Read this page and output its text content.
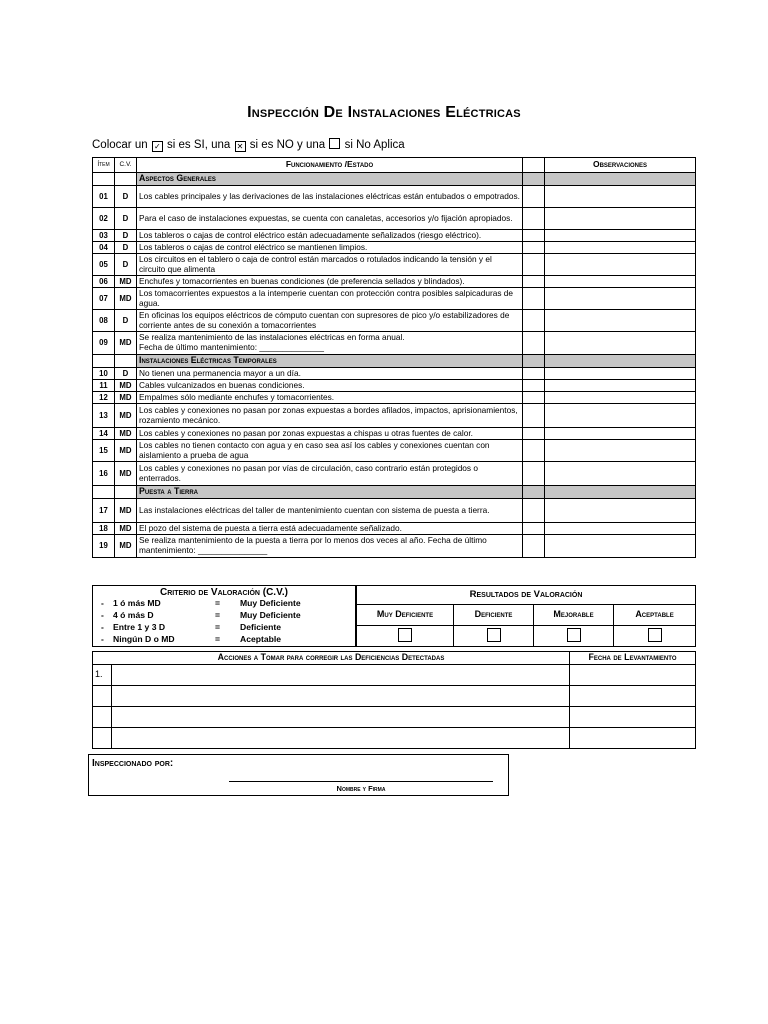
Inspección De Instalaciones Eléctricas
Colocar un ✓ si es SI, una ✕ si es NO y una si No Aplica
Ítem	C.V.	Funcionamiento /Estado		Observaciones
		Aspectos Generales		
01	D	Los cables principales y las derivaciones de las instalaciones eléctricas están entubados o empotrados.		
02	D	Para el caso de instalaciones expuestas, se cuenta con canaletas, accesorios y/o fijación apropiados.		
03	D	Los tableros o cajas de control eléctrico están adecuadamente señalizados (riesgo eléctrico).		
04	D	Los tableros o cajas de control eléctrico se mantienen limpios.		
05	D	Los circuitos en el tablero o caja de control están marcados o rotulados indicando la tensión y el circuito que alimenta		
06	MD	Enchufes y tomacorrientes en buenas condiciones (de preferencia sellados y blindados).		
07	MD	Los tomacorrientes expuestos a la intemperie cuentan con protección contra posibles salpicaduras de agua.		
08	D	En oficinas los equipos eléctricos de cómputo cuentan con supresores de pico y/o estabilizadores de corriente antes de su conexión a tomacorrientes		
09	MD	Se realiza mantenimiento de las instalaciones eléctricas en forma anual.
Fecha de último mantenimiento: ______________		
		Instalaciones Eléctricas Temporales		
10	D	No tienen una permanencia mayor a un día.		
11	MD	Cables vulcanizados en buenas condiciones.		
12	MD	Empalmes sólo mediante enchufes y tomacorrientes.		
13	MD	Los cables y conexiones no pasan por zonas expuestas a bordes afilados, impactos, aprisionamientos, rozamiento mecánico.		
14	MD	Los cables y conexiones no pasan por zonas expuestas a chispas u otras fuentes de calor.		
15	MD	Los cables no tienen contacto con agua y en caso sea así los cables y conexiones cuentan con aislamiento a prueba de agua		
16	MD	Los cables y conexiones no pasan por vías de circulación, caso contrario están protegidos o enterrados.		
		Puesta a Tierra		
17	MD	Las instalaciones eléctricas del taller de mantenimiento cuentan con sistema de puesta a tierra.		
18	MD	El pozo del sistema de puesta a tierra está adecuadamente señalizado.		
19	MD	Se realiza mantenimiento de la puesta a tierra por lo menos dos veces al año. Fecha de último mantenimiento: _______________		
Criterio de Valoración (C.V.)
- 1 ó más MD	= Muy Deficiente
- 4 ó más D	= Muy Deficiente
- Entre 1 y 3 D	= Deficiente
- Ningún D o MD	= Aceptable
Resultados de Valoración			
Muy Deficiente	Deficiente	Mejorable	Aceptable

Acciones a Tomar para corregir las Deficiencias Detectadas		Fecha de Levantamiento
1.		

Inspeccionado por:
Nombre y Firma
